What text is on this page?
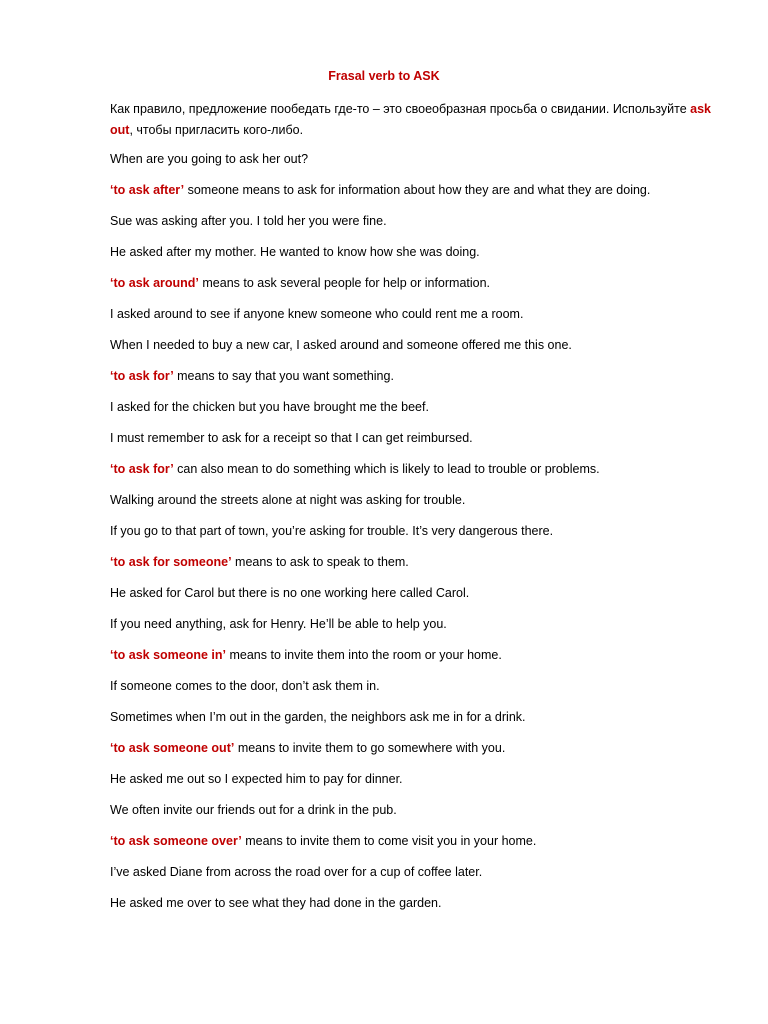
Frasal verb to ASK
Как правило, предложение пообедать где-то – это своеобразная просьба о свидании. Используйте ask out, чтобы пригласить кого-либо.
When are you going to ask her out?
‘to ask after’ someone means to ask for information about how they are and what they are doing.
Sue was asking after you. I told her you were fine.
He asked after my mother. He wanted to know how she was doing.
‘to ask around’ means to ask several people for help or information.
I asked around to see if anyone knew someone who could rent me a room.
When I needed to buy a new car, I asked around and someone offered me this one.
‘to ask for’ means to say that you want something.
I asked for the chicken but you have brought me the beef.
I must remember to ask for a receipt so that I can get reimbursed.
‘to ask for’ can also mean to do something which is likely to lead to trouble or problems.
Walking around the streets alone at night was asking for trouble.
If you go to that part of town, you’re asking for trouble. It’s very dangerous there.
‘to ask for someone’ means to ask to speak to them.
He asked for Carol but there is no one working here called Carol.
If you need anything, ask for Henry. He’ll be able to help you.
‘to ask someone in’ means to invite them into the room or your home.
If someone comes to the door, don’t ask them in.
Sometimes when I’m out in the garden, the neighbors ask me in for a drink.
‘to ask someone out’ means to invite them to go somewhere with you.
He asked me out so I expected him to pay for dinner.
We often invite our friends out for a drink in the pub.
‘to ask someone over’ means to invite them to come visit you in your home.
I’ve asked Diane from across the road over for a cup of coffee later.
He asked me over to see what they had done in the garden.
